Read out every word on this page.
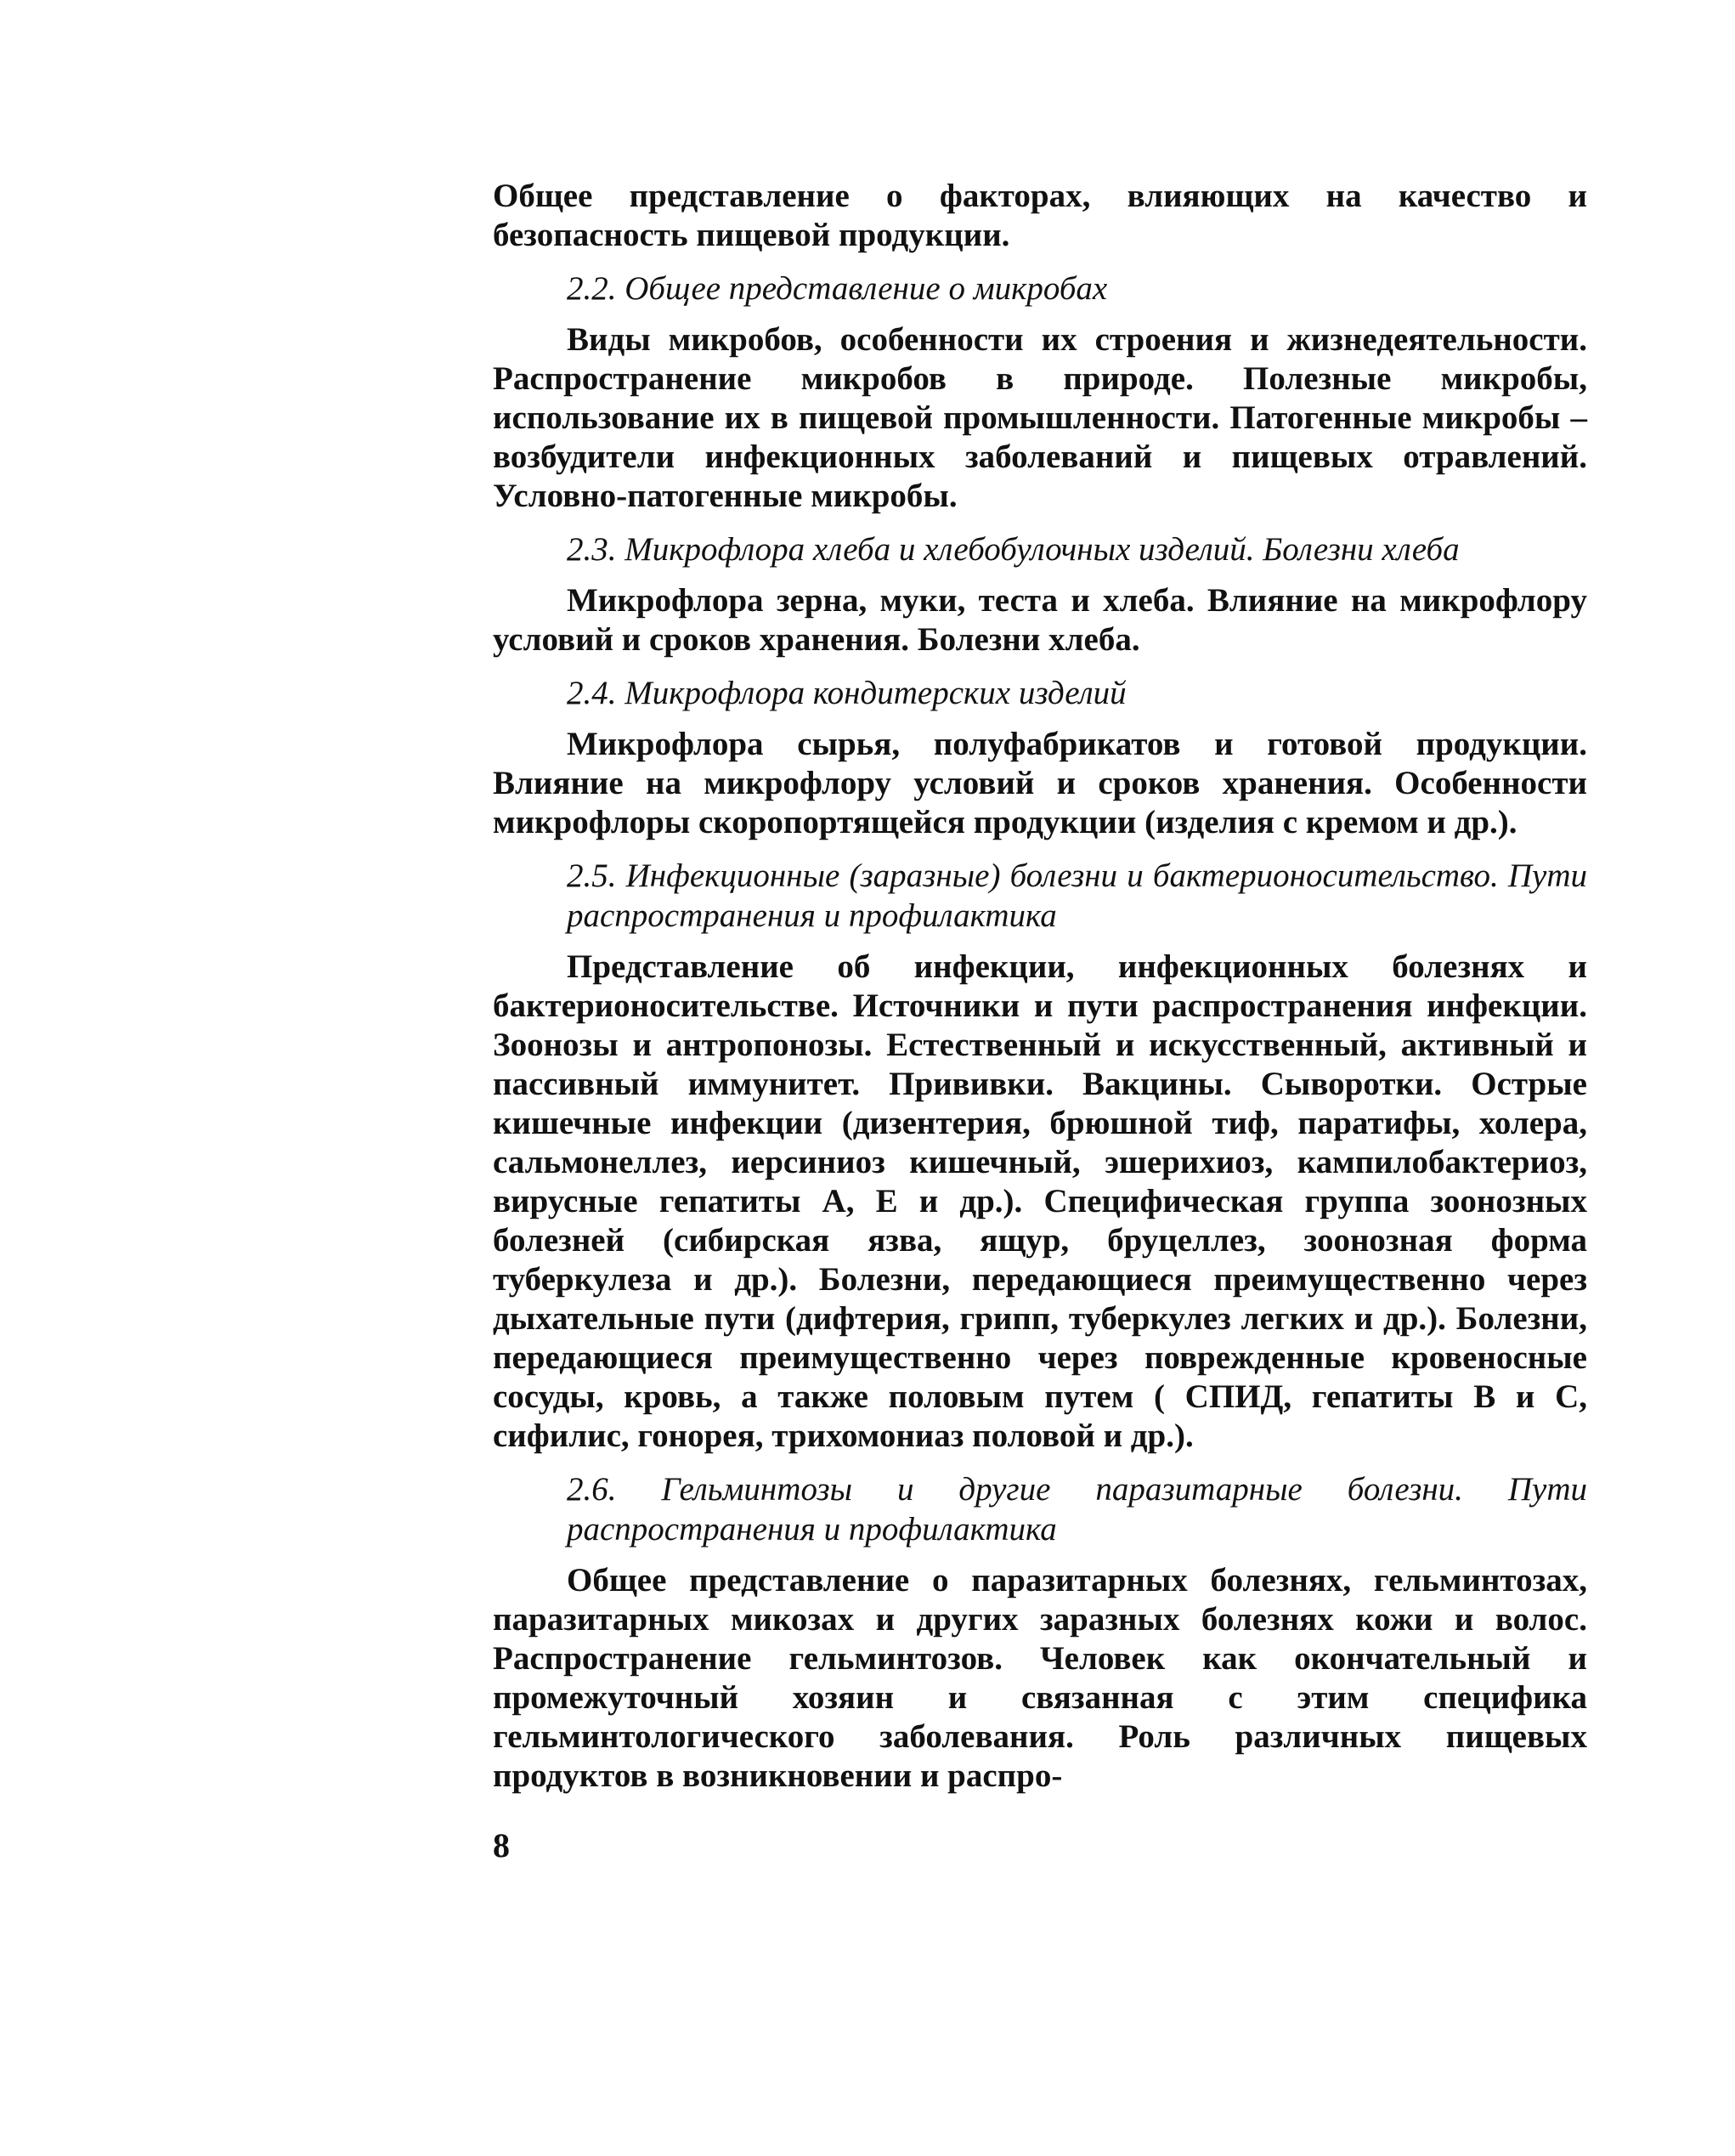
Общее представление о факторах, влияющих на качество и безопасность пищевой продукции.

2.2. Общее представление о микробах

Виды микробов, особенности их строения и жизнедеятельности. Распространение микробов в природе. Полезные микробы, использование их в пищевой промышленности. Патогенные микробы – возбудители инфекционных заболеваний и пищевых отравлений. Условно-патогенные микробы.

2.3. Микрофлора хлеба и хлебобулочных изделий. Болезни хлеба

Микрофлора зерна, муки, теста и хлеба. Влияние на микрофлору условий и сроков хранения. Болезни хлеба.

2.4. Микрофлора кондитерских изделий

Микрофлора сырья, полуфабрикатов и готовой продукции. Влияние на микрофлору условий и сроков хранения. Особенности микрофлоры скоропортящейся продукции (изделия с кремом и др.).

2.5. Инфекционные (заразные) болезни и бактерионосительство. Пути распространения и профилактика

Представление об инфекции, инфекционных болезнях и бактерионосительстве. Источники и пути распространения инфекции. Зоонозы и антропонозы. Естественный и искусственный, активный и пассивный иммунитет. Прививки. Вакцины. Сыворотки. Острые кишечные инфекции (дизентерия, брюшной тиф, паратифы, холера, сальмонеллез, иерсиниоз кишечный, эшерихиоз, кампилобактериоз, вирусные гепатиты А, Е и др.). Специфическая группа зоонозных болезней (сибирская язва, ящур, бруцеллез, зоонозная форма туберкулеза и др.). Болезни, передающиеся преимущественно через дыхательные пути (дифтерия, грипп, туберкулез легких и др.). Болезни, передающиеся преимущественно через поврежденные кровеносные сосуды, кровь, а также половым путем ( СПИД, гепатиты В и С, сифилис, гонорея, трихомониаз половой и др.).

2.6. Гельминтозы и другие паразитарные болезни. Пути распространения и профилактика

Общее представление о паразитарных болезнях, гельминтозах, паразитарных микозах и других заразных болезнях кожи и волос. Распространение гельминтозов. Человек как окончательный и промежуточный хозяин и связанная с этим специфика гельминтологического заболевания. Роль различных пищевых продуктов в возникновении и распро-

8
